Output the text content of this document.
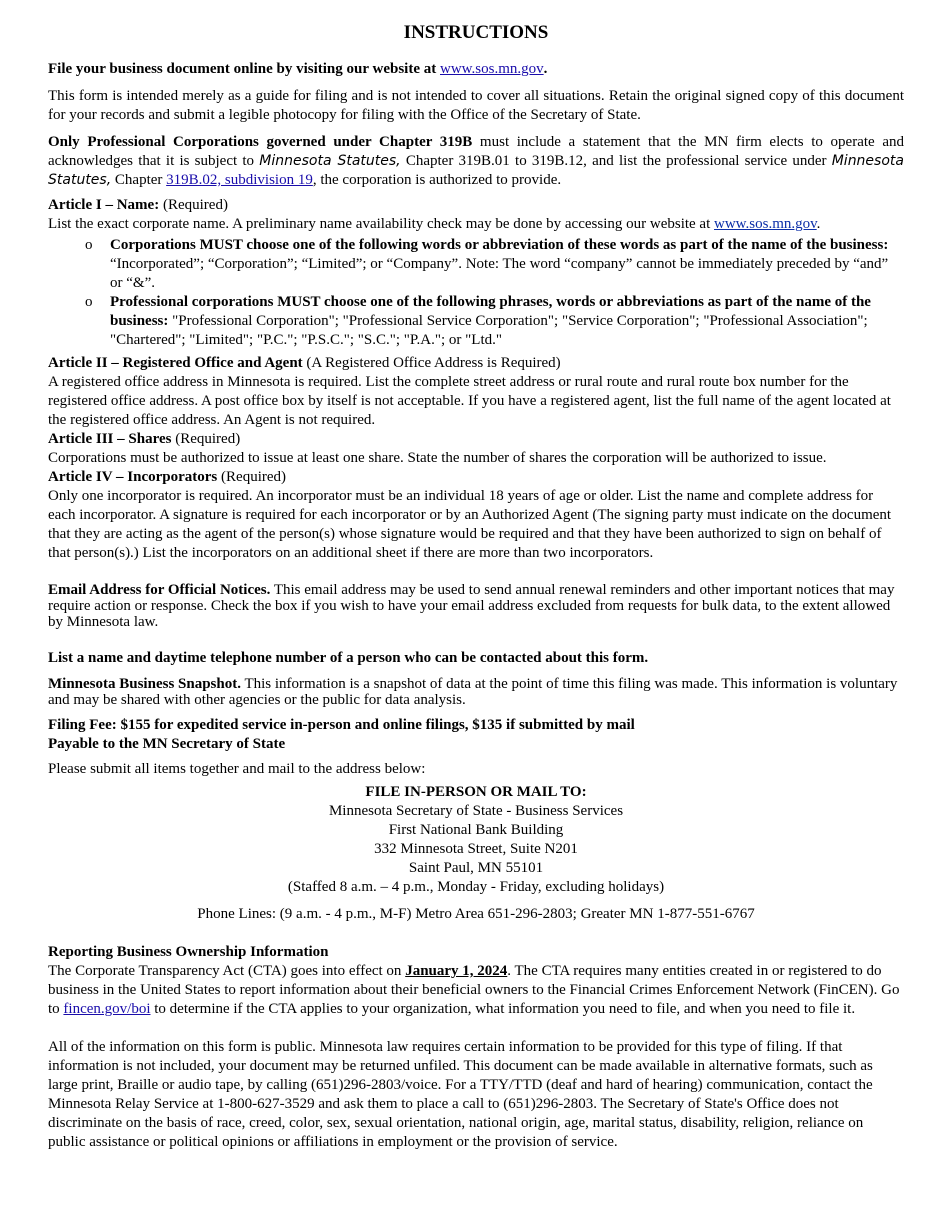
INSTRUCTIONS

File your business document online by visiting our website at www.sos.mn.gov.

This form is intended merely as a guide for filing and is not intended to cover all situations. Retain the original signed copy of this document for your records and submit a legible photocopy for filing with the Office of the Secretary of State.

Only Professional Corporations governed under Chapter 319B must include a statement that the MN firm elects to operate and acknowledges that it is subject to Minnesota Statutes, Chapter 319B.01 to 319B.12, and list the professional service under Minnesota Statutes, Chapter 319B.02, subdivision 19, the corporation is authorized to provide.

Article I – Name: (Required)

List the exact corporate name. A preliminary name availability check may be done by accessing our website at www.sos.mn.gov.

o Corporations MUST choose one of the following words or abbreviation of these words as part of the name of the business: “Incorporated”; “Corporation”; “Limited”; or “Company”. Note: The word “company” cannot be immediately preceded by “and” or “&”.
o Professional corporations MUST choose one of the following phrases, words or abbreviations as part of the name of the business: "Professional Corporation"; "Professional Service Corporation"; "Service Corporation"; "Professional Association"; "Chartered"; "Limited"; "P.C."; "P.S.C."; "S.C."; "P.A."; or "Ltd."

Article II – Registered Office and Agent (A Registered Office Address is Required)

A registered office address in Minnesota is required. List the complete street address or rural route and rural route box number for the registered office address. A post office box by itself is not acceptable. If you have a registered agent, list the full name of the agent located at the registered office address. An Agent is not required.

Article III – Shares (Required)

Corporations must be authorized to issue at least one share. State the number of shares the corporation will be authorized to issue.

Article IV – Incorporators (Required)

Only one incorporator is required. An incorporator must be an individual 18 years of age or older. List the name and complete address for each incorporator. A signature is required for each incorporator or by an Authorized Agent (The signing party must indicate on the document that they are acting as the agent of the person(s) whose signature would be required and that they have been authorized to sign on behalf of that person(s).) List the incorporators on an additional sheet if there are more than two incorporators.

Email Address for Official Notices. This email address may be used to send annual renewal reminders and other important notices that may require action or response. Check the box if you wish to have your email address excluded from requests for bulk data, to the extent allowed by Minnesota law.

List a name and daytime telephone number of a person who can be contacted about this form.

Minnesota Business Snapshot. This information is a snapshot of data at the point of time this filing was made. This information is voluntary and may be shared with other agencies or the public for data analysis.

Filing Fee: $155 for expedited service in-person and online filings, $135 if submitted by mail

Payable to the MN Secretary of State

Please submit all items together and mail to the address below:

FILE IN-PERSON OR MAIL TO:

Minnesota Secretary of State - Business Services

First National Bank Building

332 Minnesota Street, Suite N201

Saint Paul, MN 55101

(Staffed 8 a.m. – 4 p.m., Monday - Friday, excluding holidays)

Phone Lines: (9 a.m. - 4 p.m., M-F) Metro Area 651-296-2803; Greater MN 1-877-551-6767

Reporting Business Ownership Information

The Corporate Transparency Act (CTA) goes into effect on January 1, 2024. The CTA requires many entities created in or registered to do business in the United States to report information about their beneficial owners to the Financial Crimes Enforcement Network (FinCEN). Go to fincen.gov/boi to determine if the CTA applies to your organization, what information you need to file, and when you need to file it.

All of the information on this form is public. Minnesota law requires certain information to be provided for this type of filing. If that information is not included, your document may be returned unfiled. This document can be made available in alternative formats, such as large print, Braille or audio tape, by calling (651)296-2803/voice. For a TTY/TTD (deaf and hard of hearing) communication, contact the Minnesota Relay Service at 1-800-627-3529 and ask them to place a call to (651)296-2803. The Secretary of State's Office does not discriminate on the basis of race, creed, color, sex, sexual orientation, national origin, age, marital status, disability, religion, reliance on public assistance or political opinions or affiliations in employment or the provision of service.
